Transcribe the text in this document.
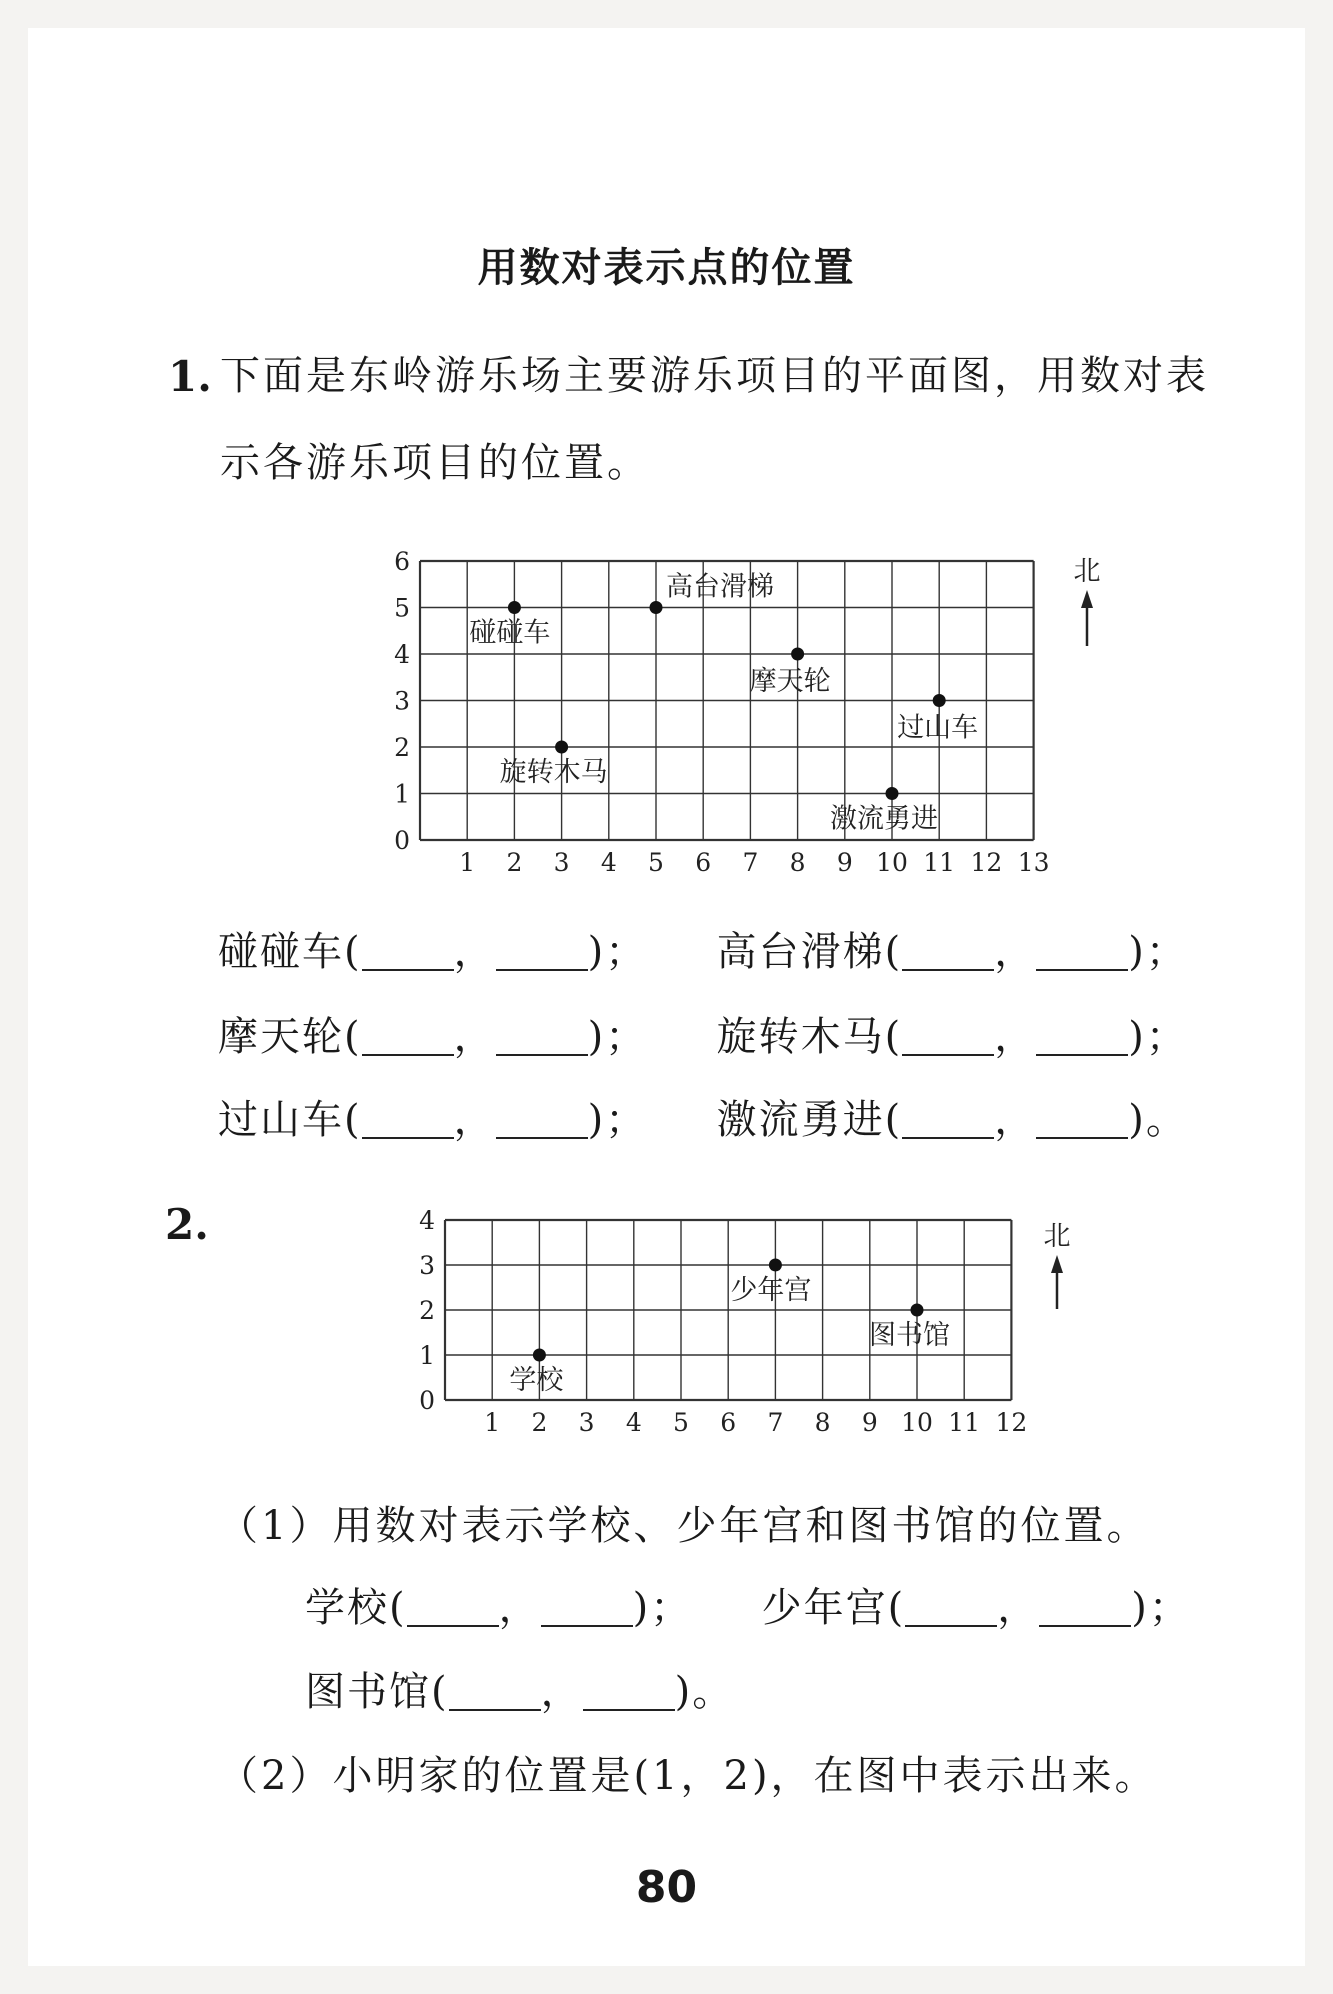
用数对表示点的位置
1. 下面是东岭游乐场主要游乐项目的平面图，用数对表
示各游乐项目的位置。
1 2 3 4 5 6 7 8 9 10 11 12 13
0
1
2
3
4
5
6
碰碰车
高台滑梯
摩天轮
过山车
旋转木马
激流勇进
北
碰碰车( ， )； 高台滑梯( ， )；
摩天轮( ， )； 旋转木马( ， )；
过山车( ， )； 激流勇进( ， )。
2.
1 2 3 4 5 6 7 8 9 10 11 12
0
1
2
3
4
学校
少年宫
图书馆
北
（1）用数对表示学校、少年宫和图书馆的位置。
学校( ， )； 少年宫( ， )；
图书馆( ， )。
（2）小明家的位置是(1，2)，在图中表示出来。
80
